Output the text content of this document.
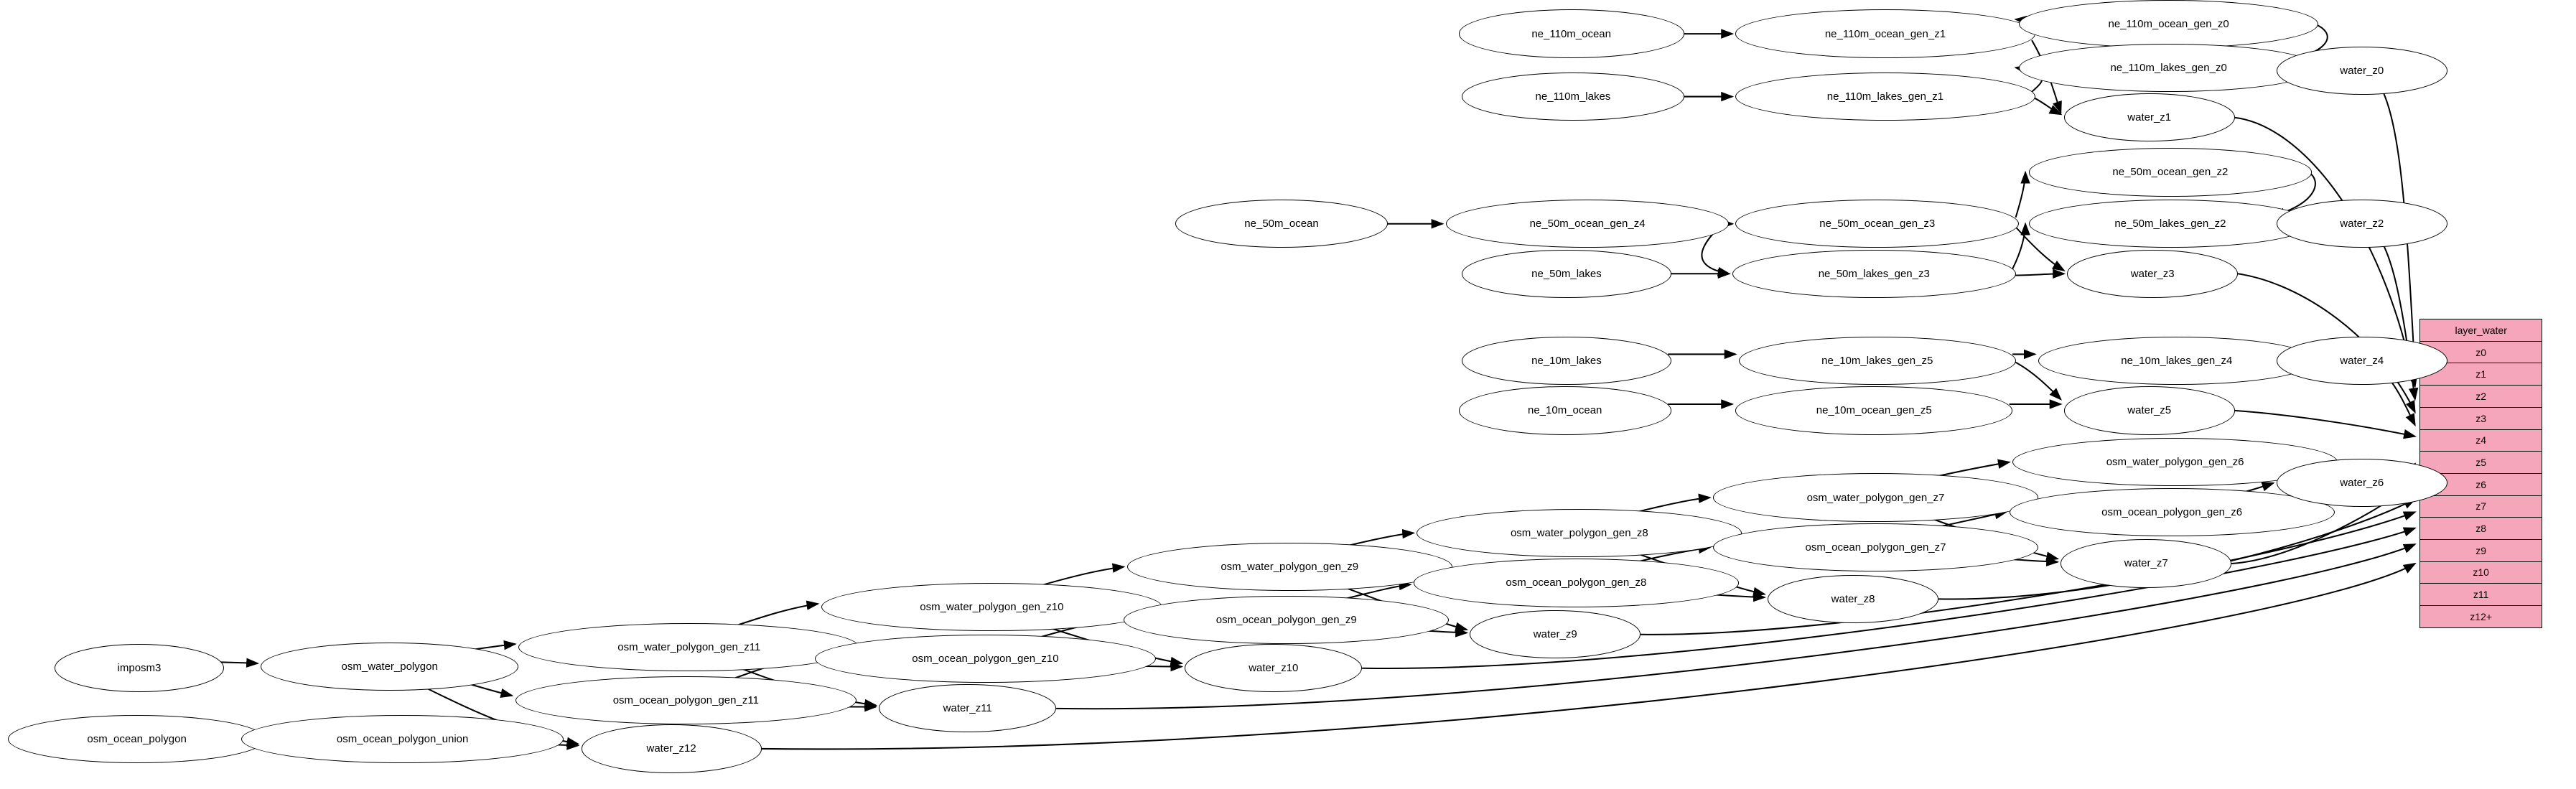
layer_water
z0
z1
z2
z3
z4
z5
z6
z7
z8
z9
z10
z11
z12+
imposm3
osm_ocean_polygon
osm_water_polygon
osm_ocean_polygon_union
osm_water_polygon_gen_z11
osm_ocean_polygon_gen_z11
water_z12
osm_water_polygon_gen_z10
osm_ocean_polygon_gen_z10
water_z11
osm_water_polygon_gen_z9
osm_ocean_polygon_gen_z9
water_z10
osm_water_polygon_gen_z8
osm_ocean_polygon_gen_z8
water_z9
osm_water_polygon_gen_z7
osm_ocean_polygon_gen_z7
water_z8
osm_water_polygon_gen_z6
osm_ocean_polygon_gen_z6
water_z7
water_z6
ne_10m_lakes
ne_10m_ocean
ne_10m_lakes_gen_z5
ne_10m_ocean_gen_z5
ne_10m_lakes_gen_z4
water_z5
water_z4
ne_50m_ocean
ne_50m_lakes
ne_50m_ocean_gen_z4	ne_50m_ocean_gen_z3
ne_50m_lakes_gen_z3
ne_50m_ocean_gen_z2
ne_50m_lakes_gen_z2
water_z3
water_z2
ne_110m_ocean
ne_110m_lakes
ne_110m_ocean_gen_z1
ne_110m_lakes_gen_z1
ne_110m_ocean_gen_z0
ne_110m_lakes_gen_z0
water_z1
water_z0
